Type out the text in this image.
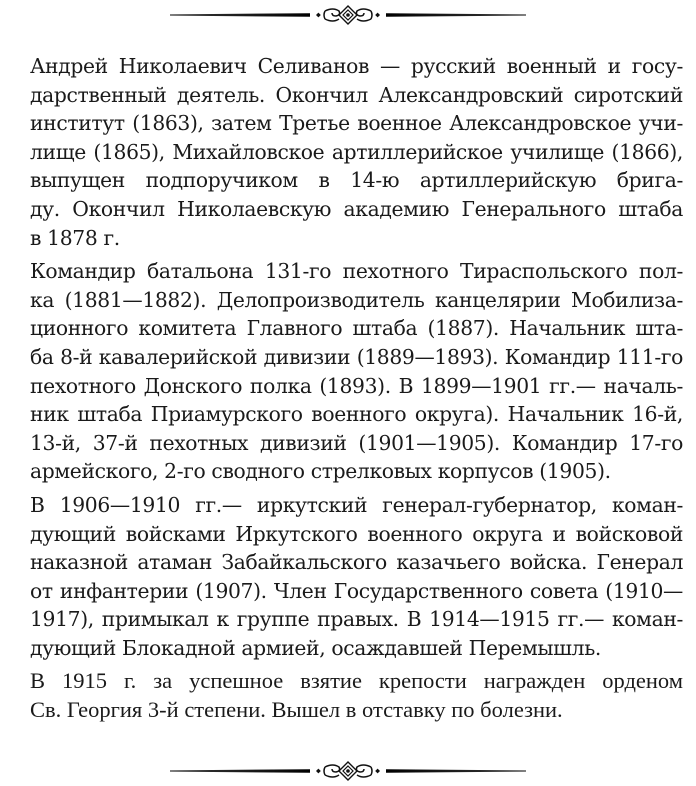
Андрей Николаевич Селиванов — русский военный и госу-
дарственный деятель. Окончил Александровский сиротский
институт (1863), затем Третье военное Александровское учи-
лище (1865), Михайловское артиллерийское училище (1866),
выпущен подпоручиком в 14-ю артиллерийскую брига-
ду. Окончил Николаевскую академию Генерального штаба
в 1878 г.

Командир батальона 131-го пехотного Тираспольского пол-
ка (1881—1882). Делопроизводитель канцелярии Мобилиза-
ционного комитета Главного штаба (1887). Начальник шта-
ба 8-й кавалерийской дивизии (1889—1893). Командир 111-го
пехотного Донского полка (1893). В 1899—1901 гг.— началь-
ник штаба Приамурского военного округа). Начальник 16-й,
13-й, 37-й пехотных дивизий (1901—1905). Командир 17-го
армейского, 2-го сводного стрелковых корпусов (1905).

В 1906—1910 гг.— иркутский генерал-губернатор, коман-
дующий войсками Иркутского военного округа и войсковой
наказной атаман Забайкальского казачьего войска. Генерал
от инфантерии (1907). Член Государственного совета (1910—
1917), примыкал к группе правых. В 1914—1915 гг.— коман-
дующий Блокадной армией, осаждавшей Перемышль.

В 1915 г. за успешное взятие крепости награжден орденом
Св. Георгия 3-й степени. Вышел в отставку по болезни.
